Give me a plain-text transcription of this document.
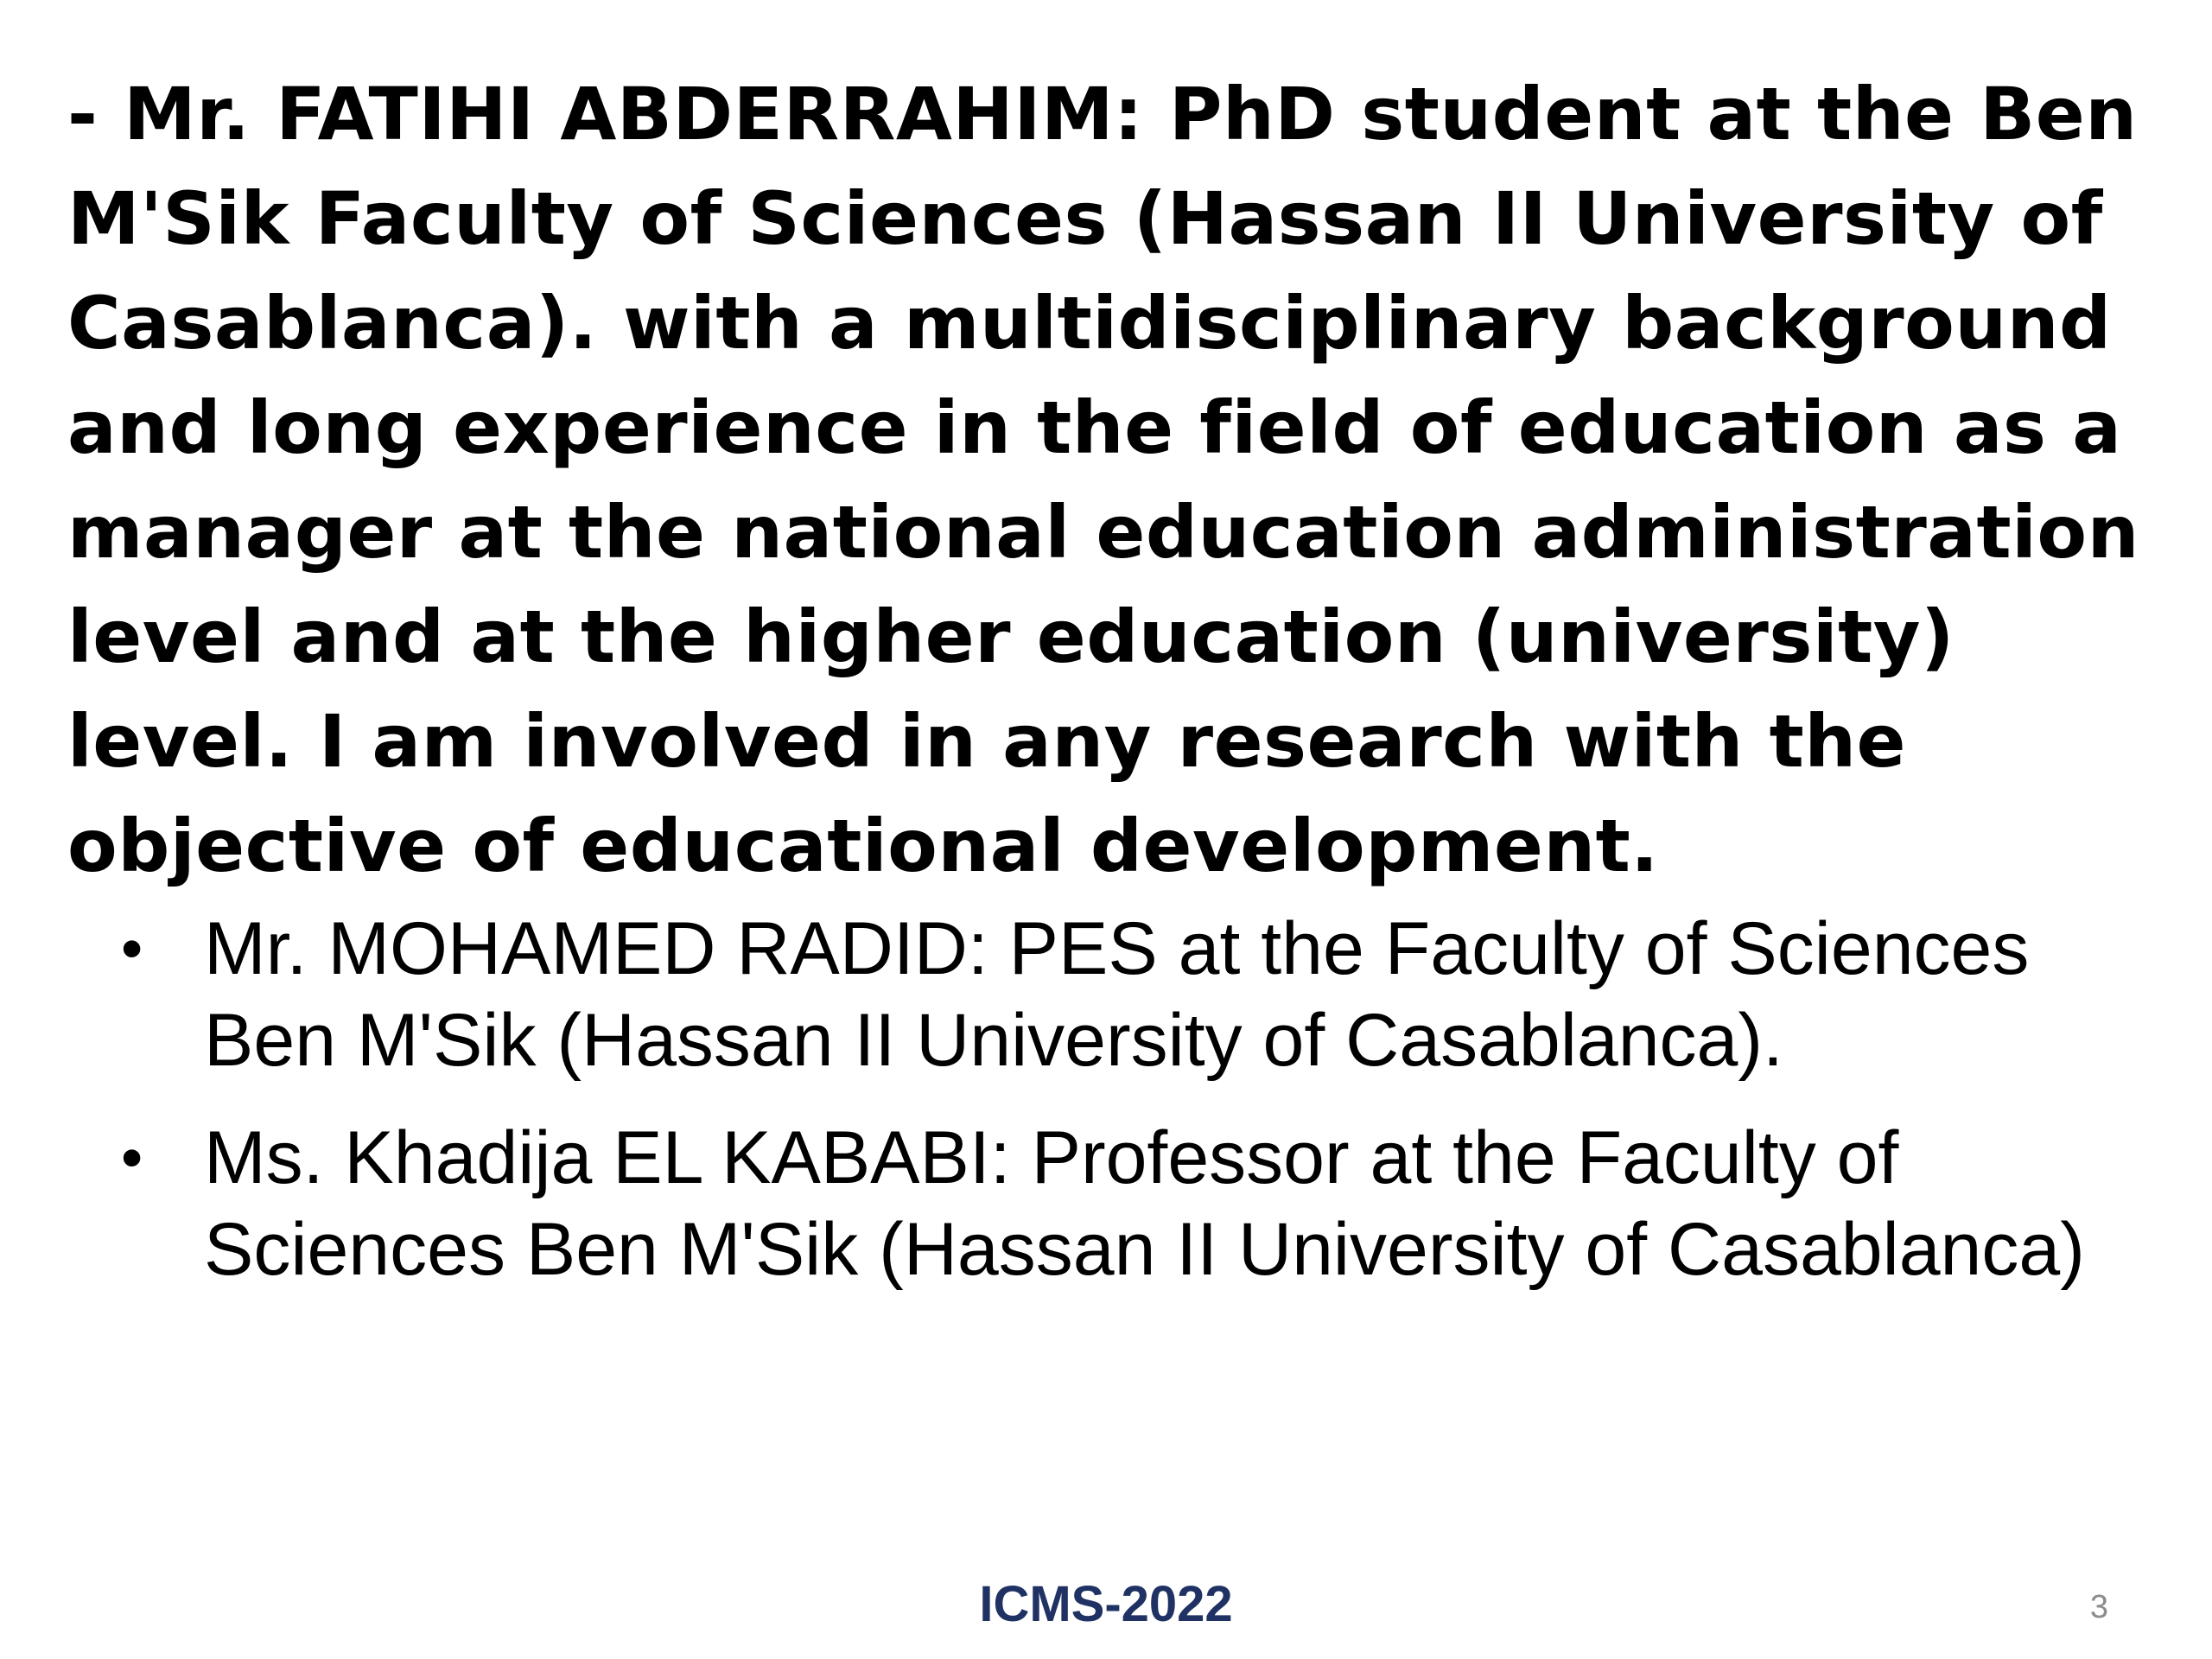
- Mr. FATIHI ABDERRAHIM: PhD student at the Ben M'Sik Faculty of Sciences (Hassan II University of Casablanca). with a multidisciplinary background and long experience in the field of education as a manager at the national education administration level and at the higher education (university) level. I am involved in any research with the objective of educational development.

• Mr. MOHAMED RADID: PES at the Faculty of Sciences Ben M'Sik (Hassan II University of Casablanca).
• Ms. Khadija EL KABABI: Professor at the Faculty of Sciences Ben M'Sik (Hassan II University of Casablanca)
ICMS-2022	3
